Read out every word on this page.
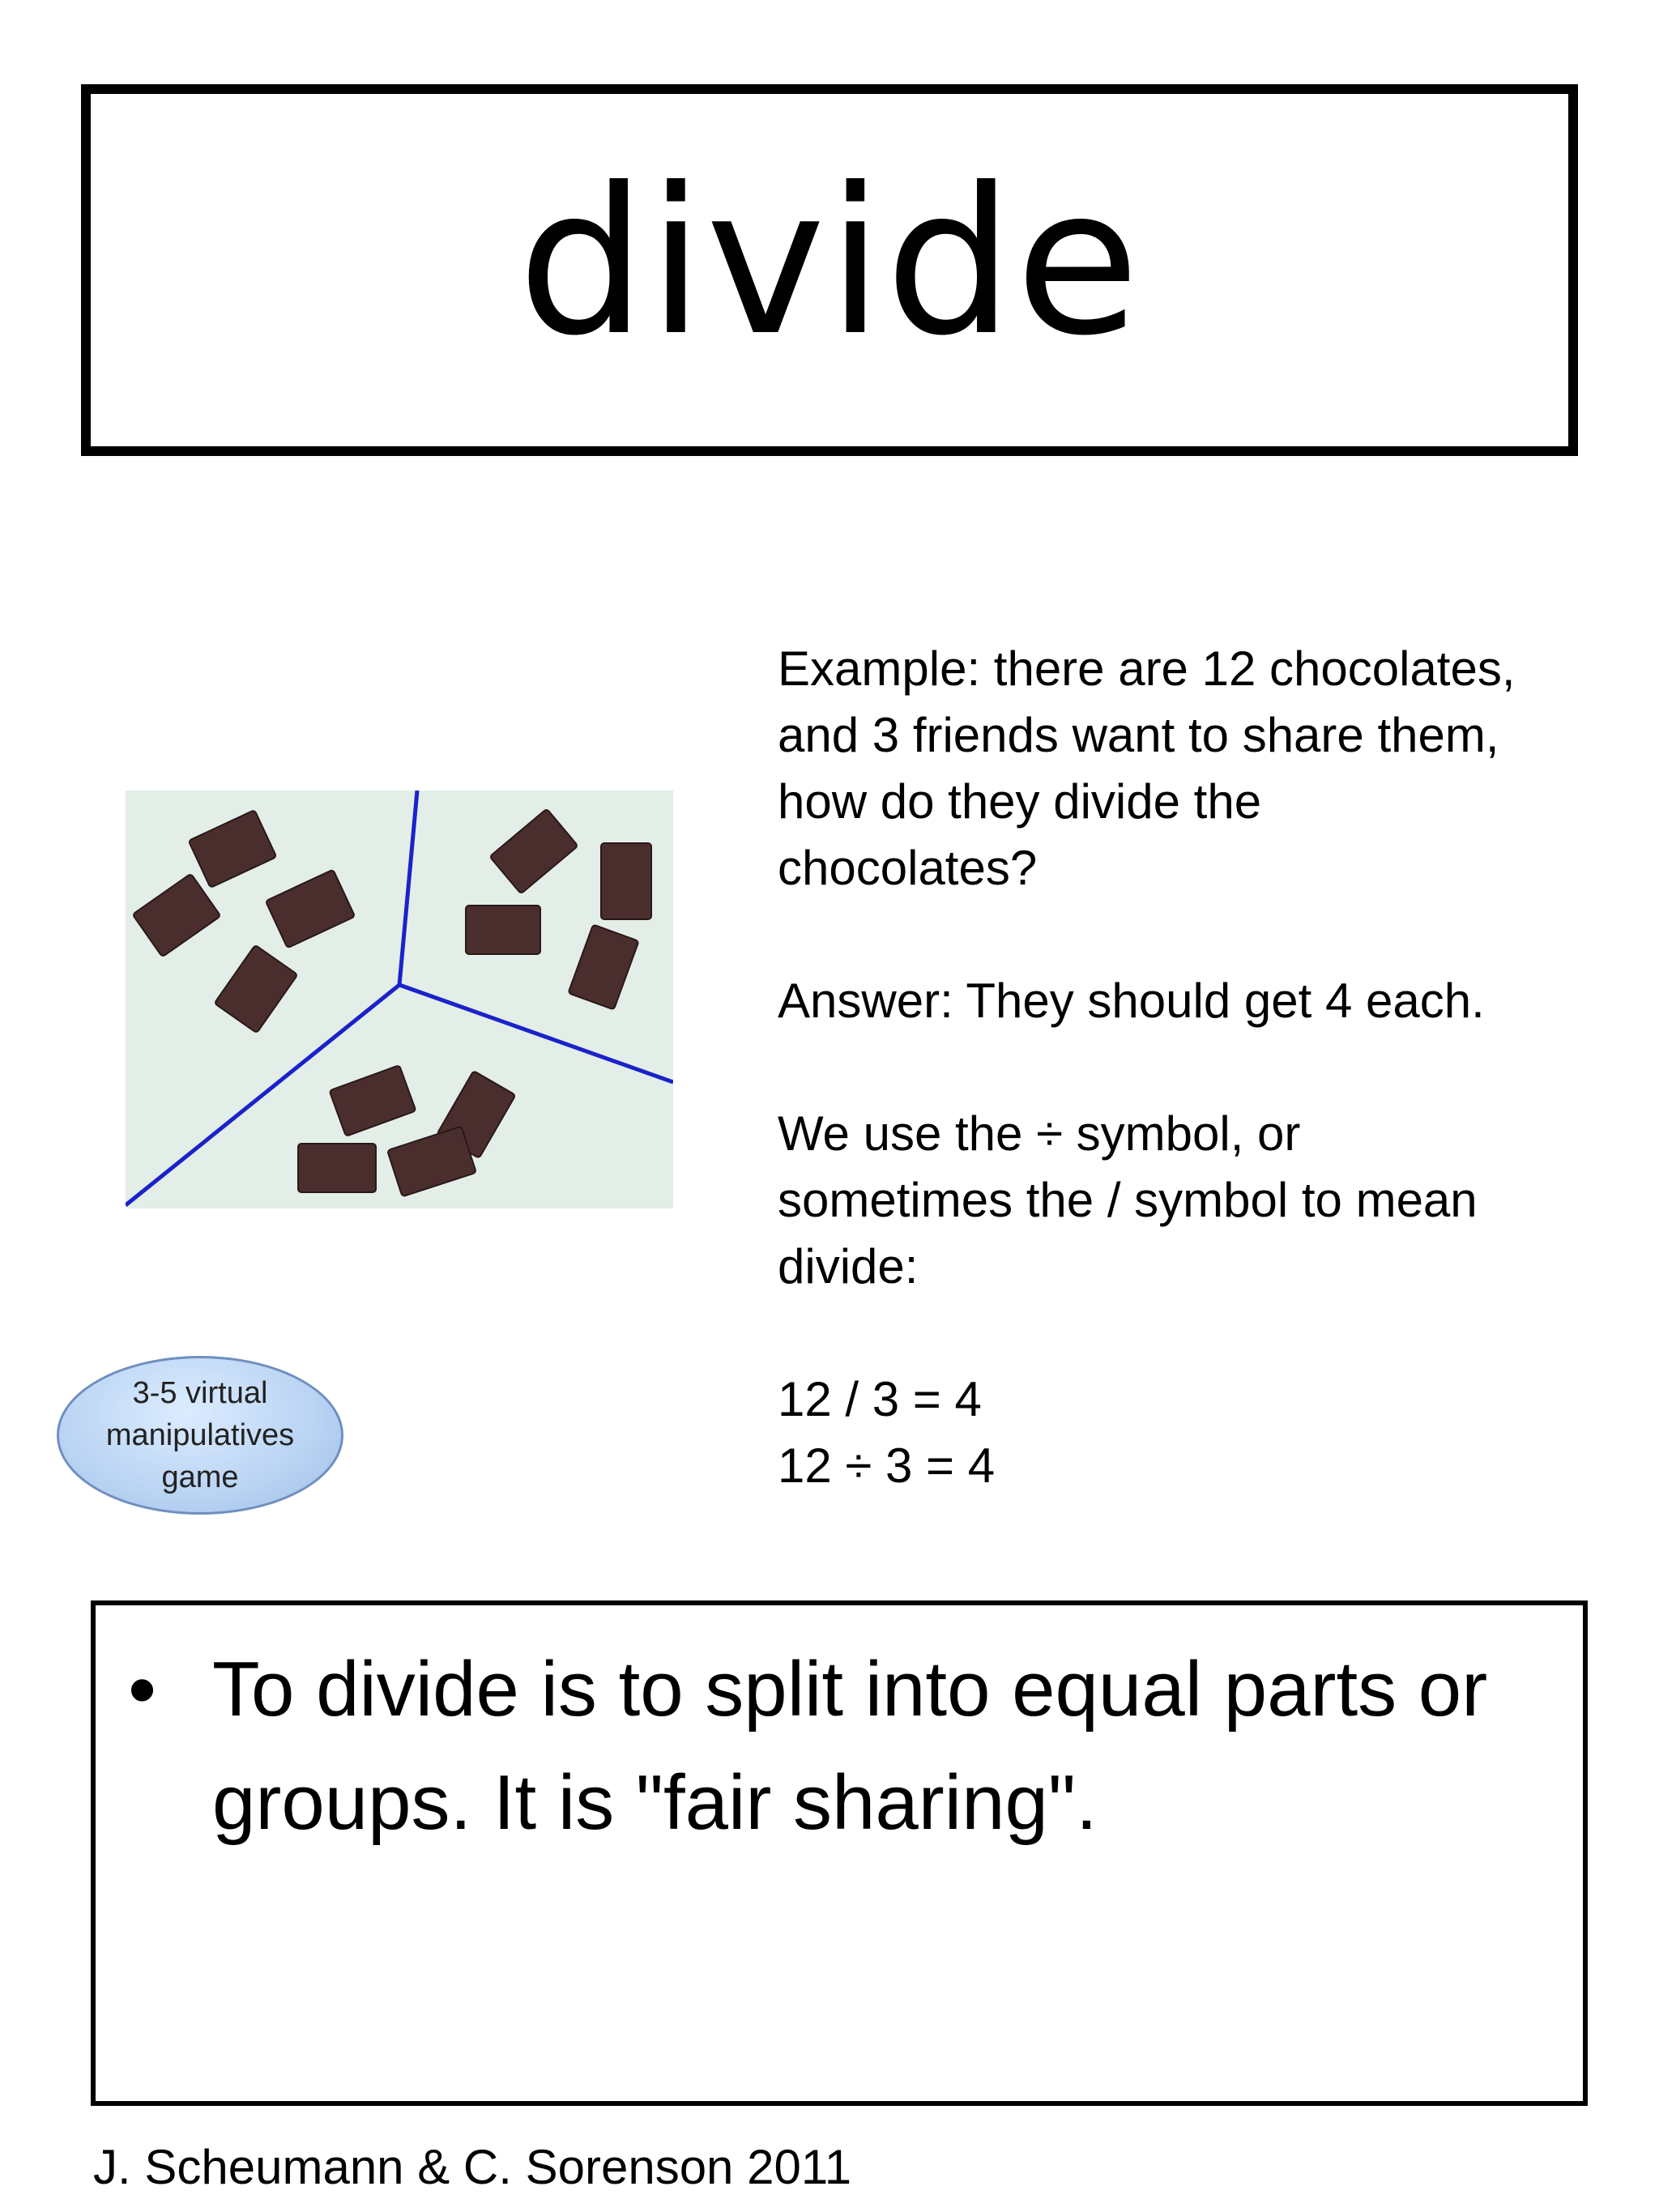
divide
Example: there are 12 chocolates,
and 3 friends want to share them,
how do they divide the
chocolates?

Answer: They should get 4 each.

We use the ÷ symbol, or
sometimes the / symbol to mean
divide:

12 / 3 = 4
12 ÷ 3 = 4
3-5 virtual
manipulatives
game
• To divide is to split into equal parts or groups. It is "fair sharing".
J. Scheumann & C. Sorenson 2011
